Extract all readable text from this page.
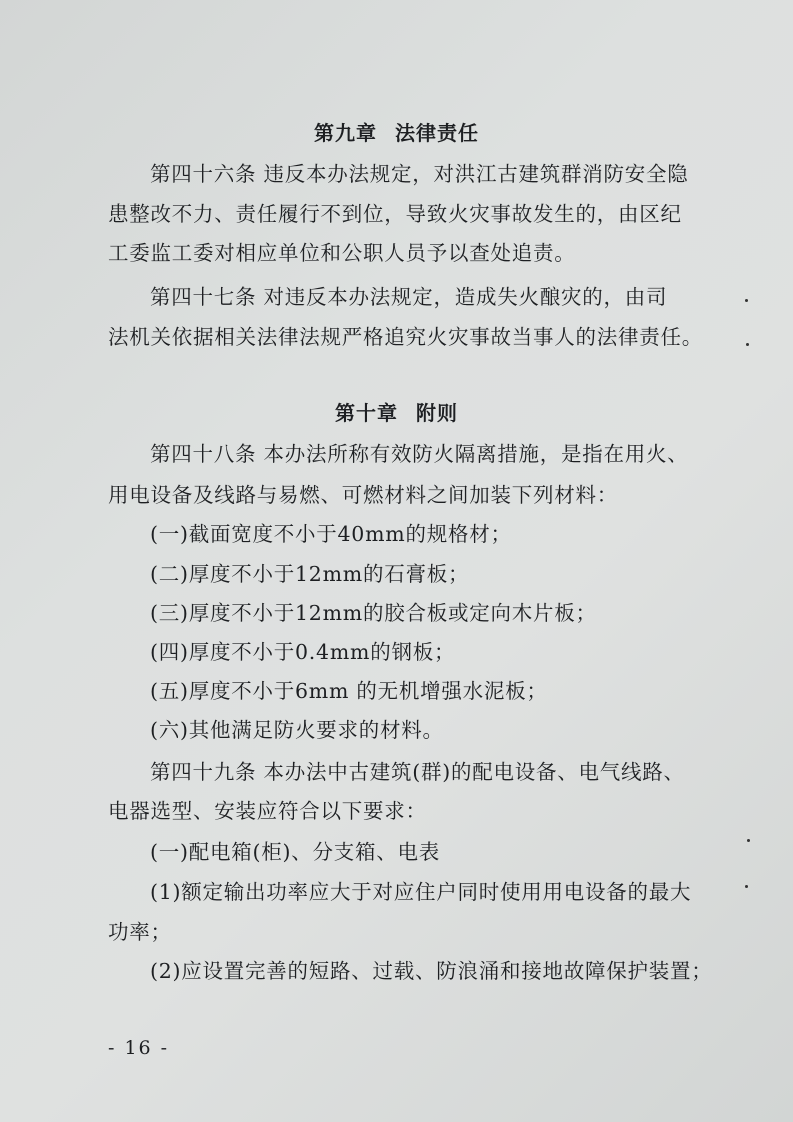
第九章 法律责任
第四十六条 违反本办法规定，对洪江古建筑群消防安全隐
患整改不力、责任履行不到位，导致火灾事故发生的，由区纪
工委监工委对相应单位和公职人员予以查处追责。
第四十七条 对违反本办法规定，造成失火酿灾的，由司
法机关依据相关法律法规严格追究火灾事故当事人的法律责任。
第十章 附则
第四十八条 本办法所称有效防火隔离措施，是指在用火、
用电设备及线路与易燃、可燃材料之间加装下列材料：
(一)截面宽度不小于40mm的规格材；
(二)厚度不小于12mm的石膏板；
(三)厚度不小于12mm的胶合板或定向木片板；
(四)厚度不小于0.4mm的钢板；
(五)厚度不小于6mm 的无机增强水泥板；
(六)其他满足防火要求的材料。
第四十九条 本办法中古建筑(群)的配电设备、电气线路、
电器选型、安装应符合以下要求：
(一)配电箱(柜)、分支箱、电表
(1)额定输出功率应大于对应住户同时使用用电设备的最大
功率；
(2)应设置完善的短路、过载、防浪涌和接地故障保护装置；
- 16 -
